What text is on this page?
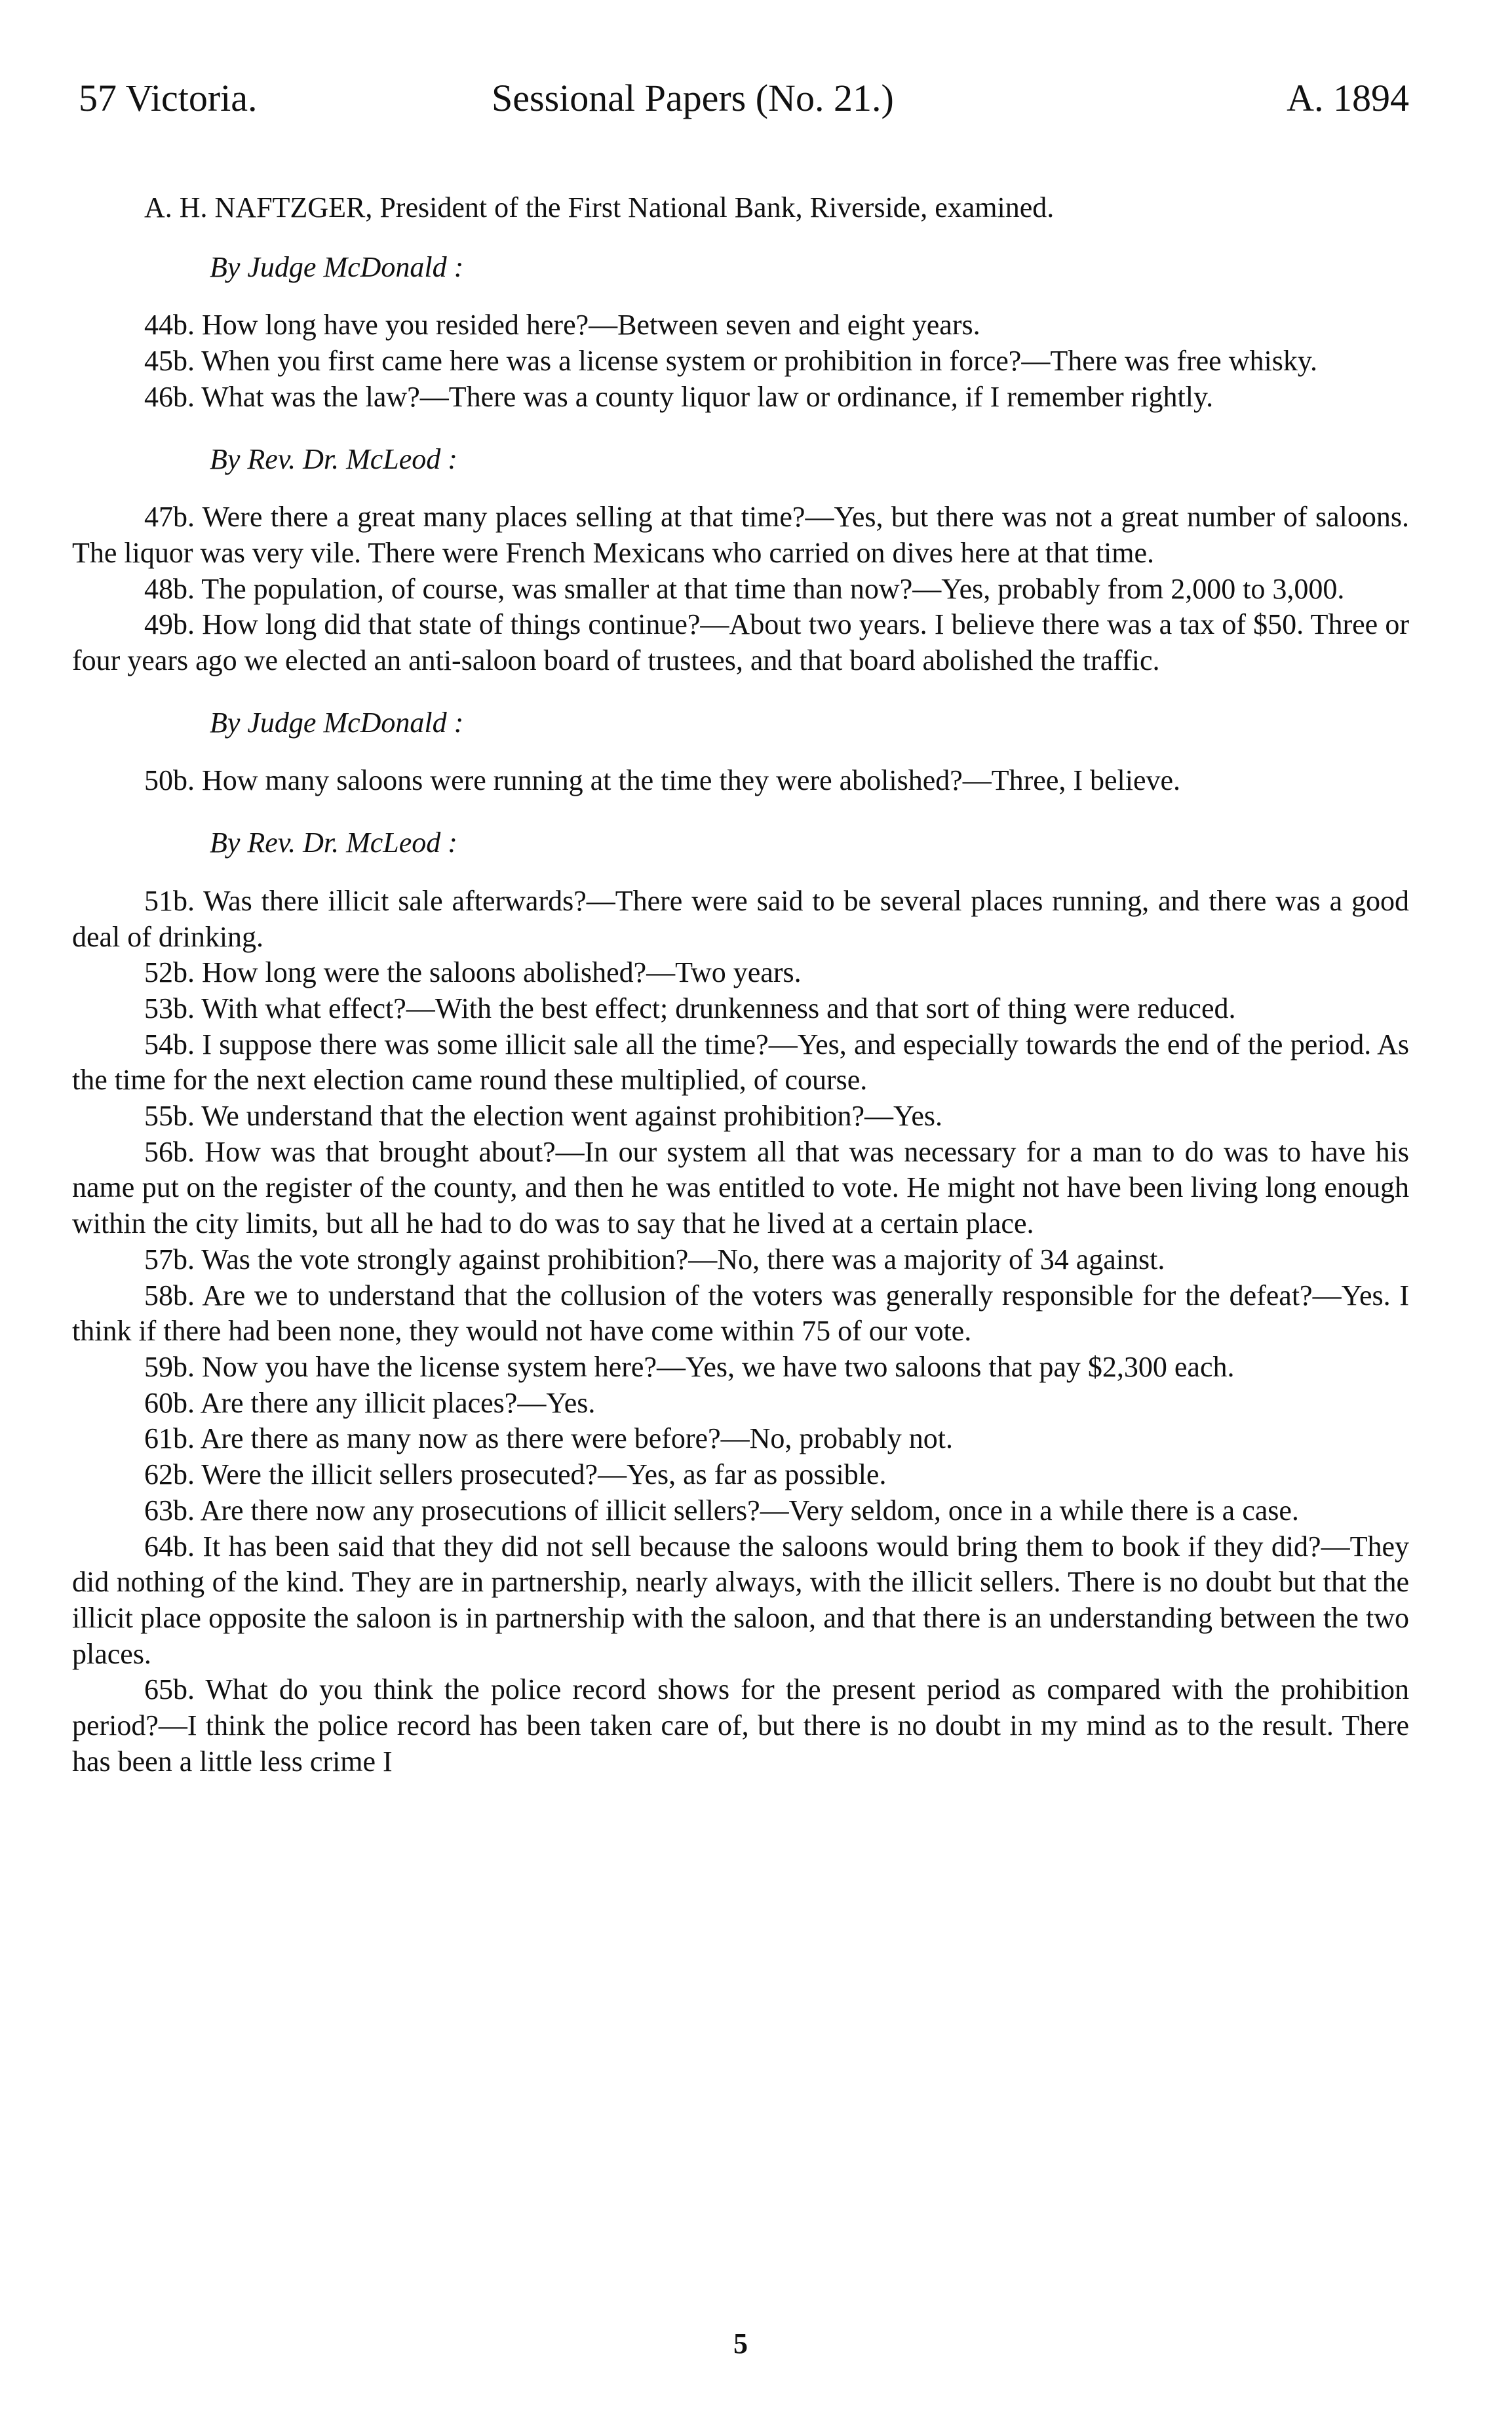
57 Victoria.	Sessional Papers (No. 21.)	A. 1894

A. H. NAFTZGER, President of the First National Bank, Riverside, examined.

By Judge McDonald :

44b. How long have you resided here?—Between seven and eight years.

45b. When you first came here was a license system or prohibition in force?—There was free whisky.

46b. What was the law?—There was a county liquor law or ordinance, if I remember rightly.

By Rev. Dr. McLeod :

47b. Were there a great many places selling at that time?—Yes, but there was not a great number of saloons. The liquor was very vile. There were French Mexicans who carried on dives here at that time.

48b. The population, of course, was smaller at that time than now?—Yes, probably from 2,000 to 3,000.

49b. How long did that state of things continue?—About two years. I believe there was a tax of $50. Three or four years ago we elected an anti-saloon board of trustees, and that board abolished the traffic.

By Judge McDonald :

50b. How many saloons were running at the time they were abolished?—Three, I believe.

By Rev. Dr. McLeod :

51b. Was there illicit sale afterwards?—There were said to be several places running, and there was a good deal of drinking.

52b. How long were the saloons abolished?—Two years.

53b. With what effect?—With the best effect; drunkenness and that sort of thing were reduced.

54b. I suppose there was some illicit sale all the time?—Yes, and especially towards the end of the period. As the time for the next election came round these multiplied, of course.

55b. We understand that the election went against prohibition?—Yes.

56b. How was that brought about?—In our system all that was necessary for a man to do was to have his name put on the register of the county, and then he was entitled to vote. He might not have been living long enough within the city limits, but all he had to do was to say that he lived at a certain place.

57b. Was the vote strongly against prohibition?—No, there was a majority of 34 against.

58b. Are we to understand that the collusion of the voters was generally responsible for the defeat?—Yes. I think if there had been none, they would not have come within 75 of our vote.

59b. Now you have the license system here?—Yes, we have two saloons that pay $2,300 each.

60b. Are there any illicit places?—Yes.

61b. Are there as many now as there were before?—No, probably not.

62b. Were the illicit sellers prosecuted?—Yes, as far as possible.

63b. Are there now any prosecutions of illicit sellers?—Very seldom, once in a while there is a case.

64b. It has been said that they did not sell because the saloons would bring them to book if they did?—They did nothing of the kind. They are in partnership, nearly always, with the illicit sellers. There is no doubt but that the illicit place opposite the saloon is in partnership with the saloon, and that there is an understanding between the two places.

65b. What do you think the police record shows for the present period as compared with the prohibition period?—I think the police record has been taken care of, but there is no doubt in my mind as to the result. There has been a little less crime I

5
